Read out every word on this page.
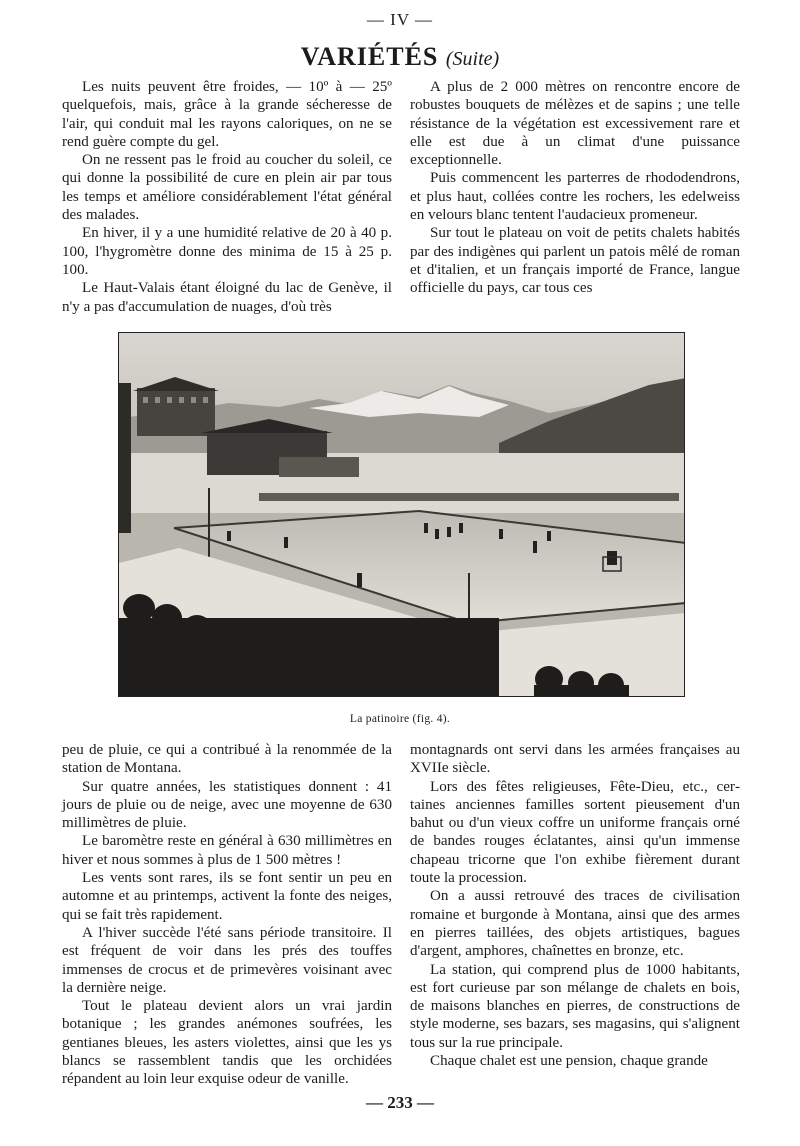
— IV —
VARIÉTÉS (Suite)

Les nuits peuvent être froides, — 10º à — 25º quelquefois, mais, grâce à la grande sécheresse de l'air, qui conduit mal les rayons caloriques, on ne se rend guère compte du gel.

On ne ressent pas le froid au coucher du soleil, ce qui donne la possibilité de cure en plein air par tous les temps et améliore considérablement l'état général des malades.

En hiver, il y a une humidité relative de 20 à 40 p. 100, l'hygromètre donne des minima de 15 à 25 p. 100.

Le Haut-Valais étant éloigné du lac de Genève, il n'y a pas d'accumulation de nuages, d'où très

A plus de 2 000 mètres on rencontre encore de robustes bouquets de mélèzes et de sapins ; une telle résistance de la végétation est excessivement rare et elle est due à un climat d'une puissance exceptionnelle.

Puis commencent les parterres de rhododendrons, et plus haut, collées contre les rochers, les edelweiss en velours blanc tentent l'audacieux promeneur.

Sur tout le plateau on voit de petits chalets habités par des indigènes qui parlent un patois mêlé de roman et d'italien, et un français importé de France, langue officielle du pays, car tous ces

La patinoire (fig. 4).

peu de pluie, ce qui a contribué à la renommée de la station de Montana.

Sur quatre années, les statistiques donnent : 41 jours de pluie ou de neige, avec une moyenne de 630 millimètres de pluie.

Le baromètre reste en général à 630 millimètres en hiver et nous sommes à plus de 1 500 mètres !

Les vents sont rares, ils se font sentir un peu en automne et au printemps, activent la fonte des neiges, qui se fait très rapidement.

A l'hiver succède l'été sans période transitoire. Il est fréquent de voir dans les prés des touffes immenses de crocus et de primevères voisinant avec la dernière neige.

Tout le plateau devient alors un vrai jardin botanique ; les grandes anémones soufrées, les gentianes bleues, les asters violettes, ainsi que les ys blancs se rassemblent tandis que les orchidées répandent au loin leur exquise odeur de vanille.

montagnards ont servi dans les armées françaises au XVIIe siècle.

Lors des fêtes religieuses, Fête-Dieu, etc., certaines anciennes familles sortent pieusement d'un bahut ou d'un vieux coffre un uniforme français orné de bandes rouges éclatantes, ainsi qu'un immense chapeau tricorne que l'on exhibe fièrement durant toute la procession.

On a aussi retrouvé des traces de civilisation romaine et burgonde à Montana, ainsi que des armes en pierres taillées, des objets artistiques, bagues d'argent, amphores, chaînettes en bronze, etc.

La station, qui comprend plus de 1000 habitants, est fort curieuse par son mélange de chalets en bois, de maisons blanches en pierres, de constructions de style moderne, ses bazars, ses magasins, qui s'alignent tous sur la rue principale.

Chaque chalet est une pension, chaque grande

— 233 —
